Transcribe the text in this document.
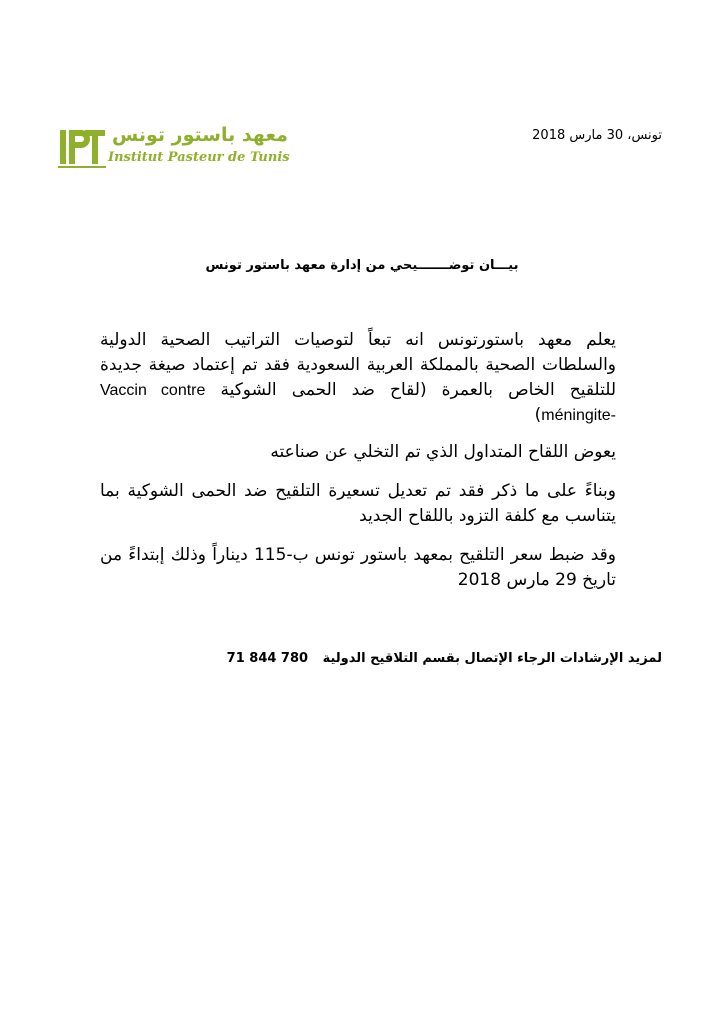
معهد باستور تونس
Institut Pasteur de Tunis
تونس، 30 مارس 2018
بيـــان توضـــــــيحي من إدارة معهد باستور تونس

يعلم معهد باستورتونس انه تبعاً لتوصيات التراتيب الصحية الدولية والسلطات الصحية بالمملكة العربية السعودية فقد تم إعتماد صيغة جديدة للتلقيح الخاص بالعمرة (لقاح ضد الحمى الشوكية Vaccin contre méningite-)

يعوض اللقاح المتداول الذي تم التخلي عن صناعته

وبناءً على ما ذكر فقد تم تعديل تسعيرة التلقيح ضد الحمى الشوكية بما يتناسب مع كلفة التزود باللقاح الجديد

وقد ضبط سعر التلقيح بمعهد باستور تونس ب-115 ديناراً وذلك إبتداءً من تاريخ 29 مارس 2018

لمزيد الإرشادات الرجاء الإتصال بقسم التلاقيح الدولية 71 844 780
